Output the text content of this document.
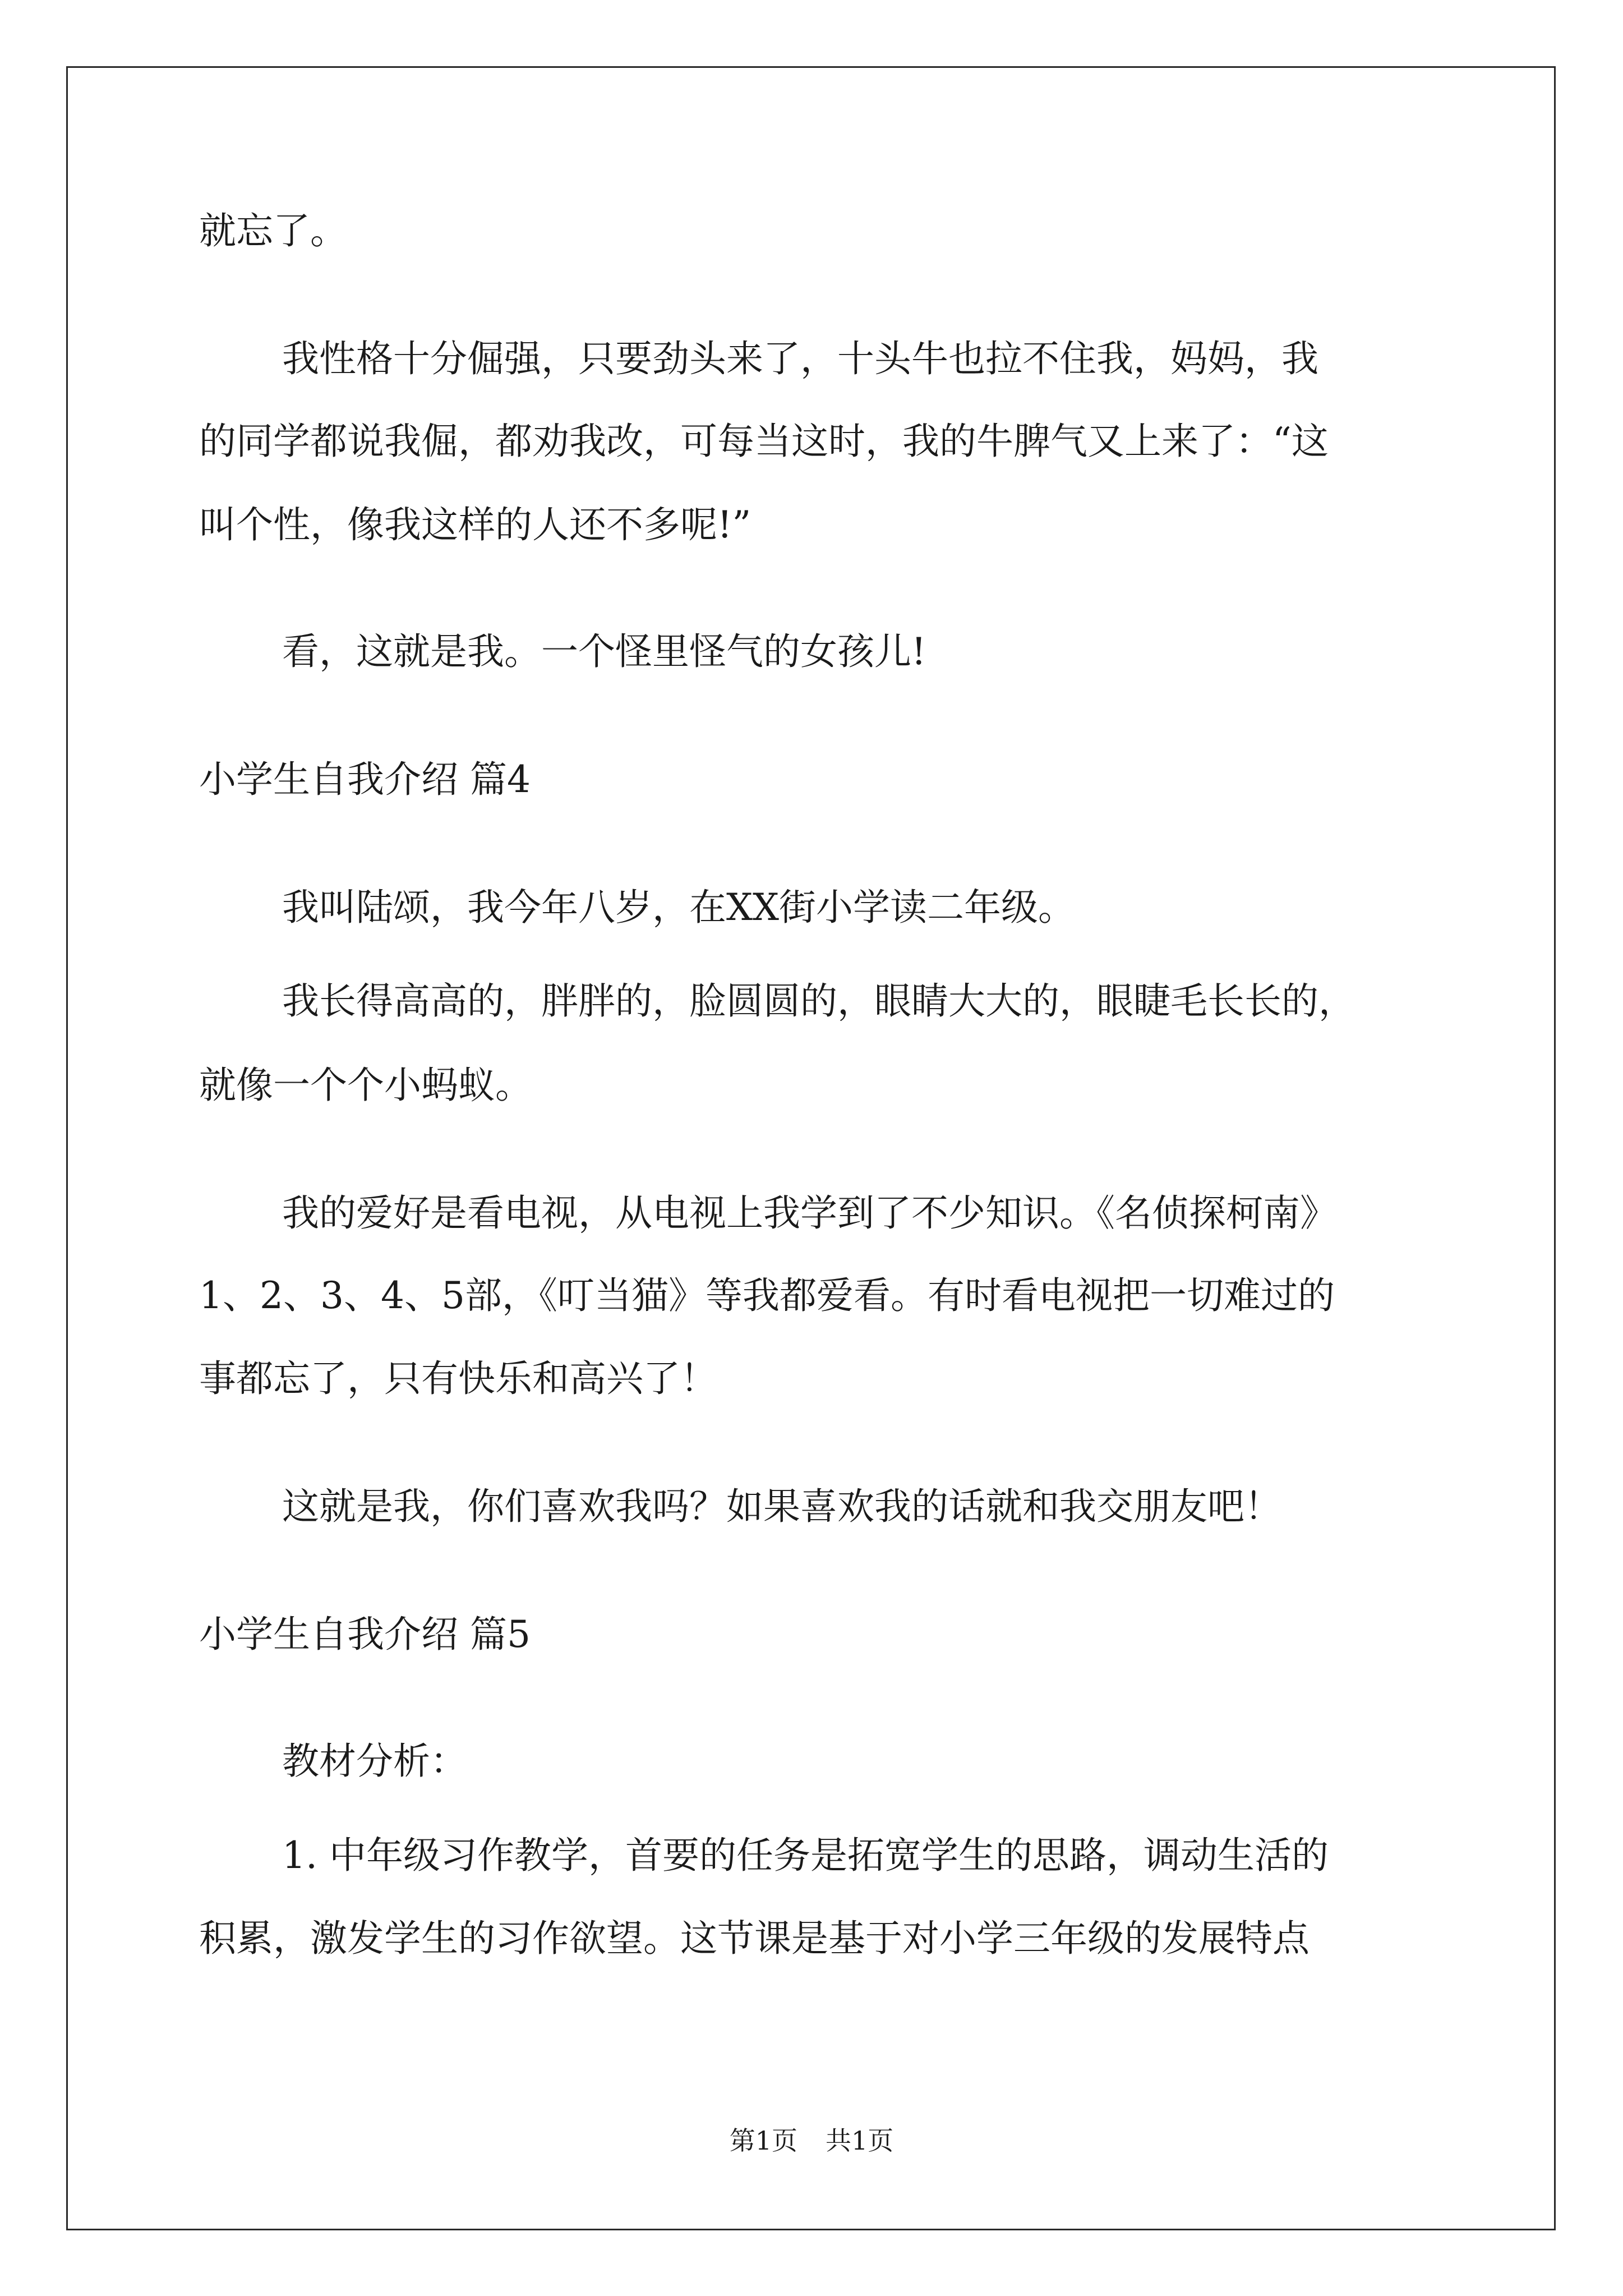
就忘了。
我性格十分倔强，只要劲头来了，十头牛也拉不住我，妈妈，我
的同学都说我倔，都劝我改，可每当这时，我的牛脾气又上来了：“这
叫个性，像我这样的人还不多呢!”
看，这就是我。一个怪里怪气的女孩儿!
小学生自我介绍 篇4
我叫陆颂，我今年八岁，在XX街小学读二年级。
我长得高高的，胖胖的，脸圆圆的，眼睛大大的，眼睫毛长长的，
就像一个个小蚂蚁。
我的爱好是看电视，从电视上我学到了不少知识。《名侦探柯南》
1、2、3、4、5部，《叮当猫》等我都爱看。有时看电视把一切难过的
事都忘了，只有快乐和高兴了！
这就是我，你们喜欢我吗？如果喜欢我的话就和我交朋友吧！
小学生自我介绍 篇5
教材分析：
1. 中年级习作教学，首要的任务是拓宽学生的思路，调动生活的
积累，激发学生的习作欲望。这节课是基于对小学三年级的发展特点
第1页 共1页
